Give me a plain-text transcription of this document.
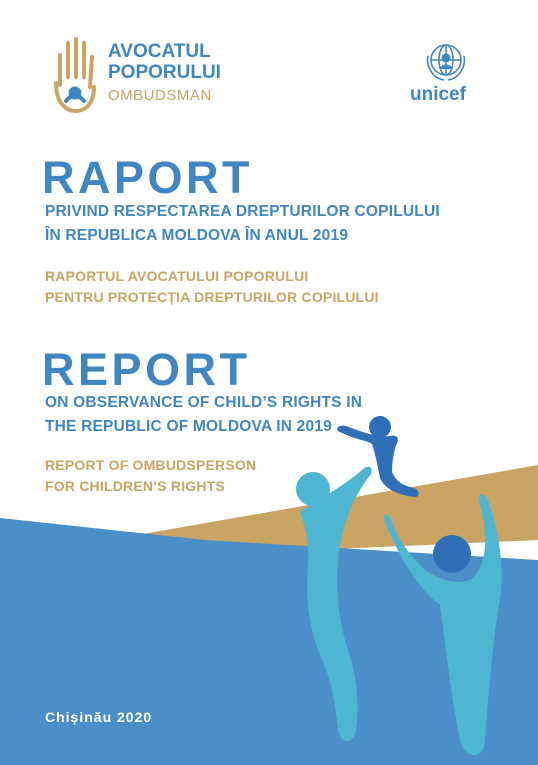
AVOCATUL
POPORULUI
OMBUDSMAN	unicef
RAPORT
PRIVIND RESPECTAREA DREPTURILOR COPILULUI
ÎN REPUBLICA MOLDOVA ÎN ANUL 2019
RAPORTUL AVOCATULUI POPORULUI
PENTRU PROTECȚIA DREPTURILOR COPILULUI
REPORT
ON OBSERVANCE OF CHILD’S RIGHTS IN
THE REPUBLIC OF MOLDOVA IN 2019
REPORT OF OMBUDSPERSON
FOR CHILDREN’S RIGHTS
Chișinău 2020
